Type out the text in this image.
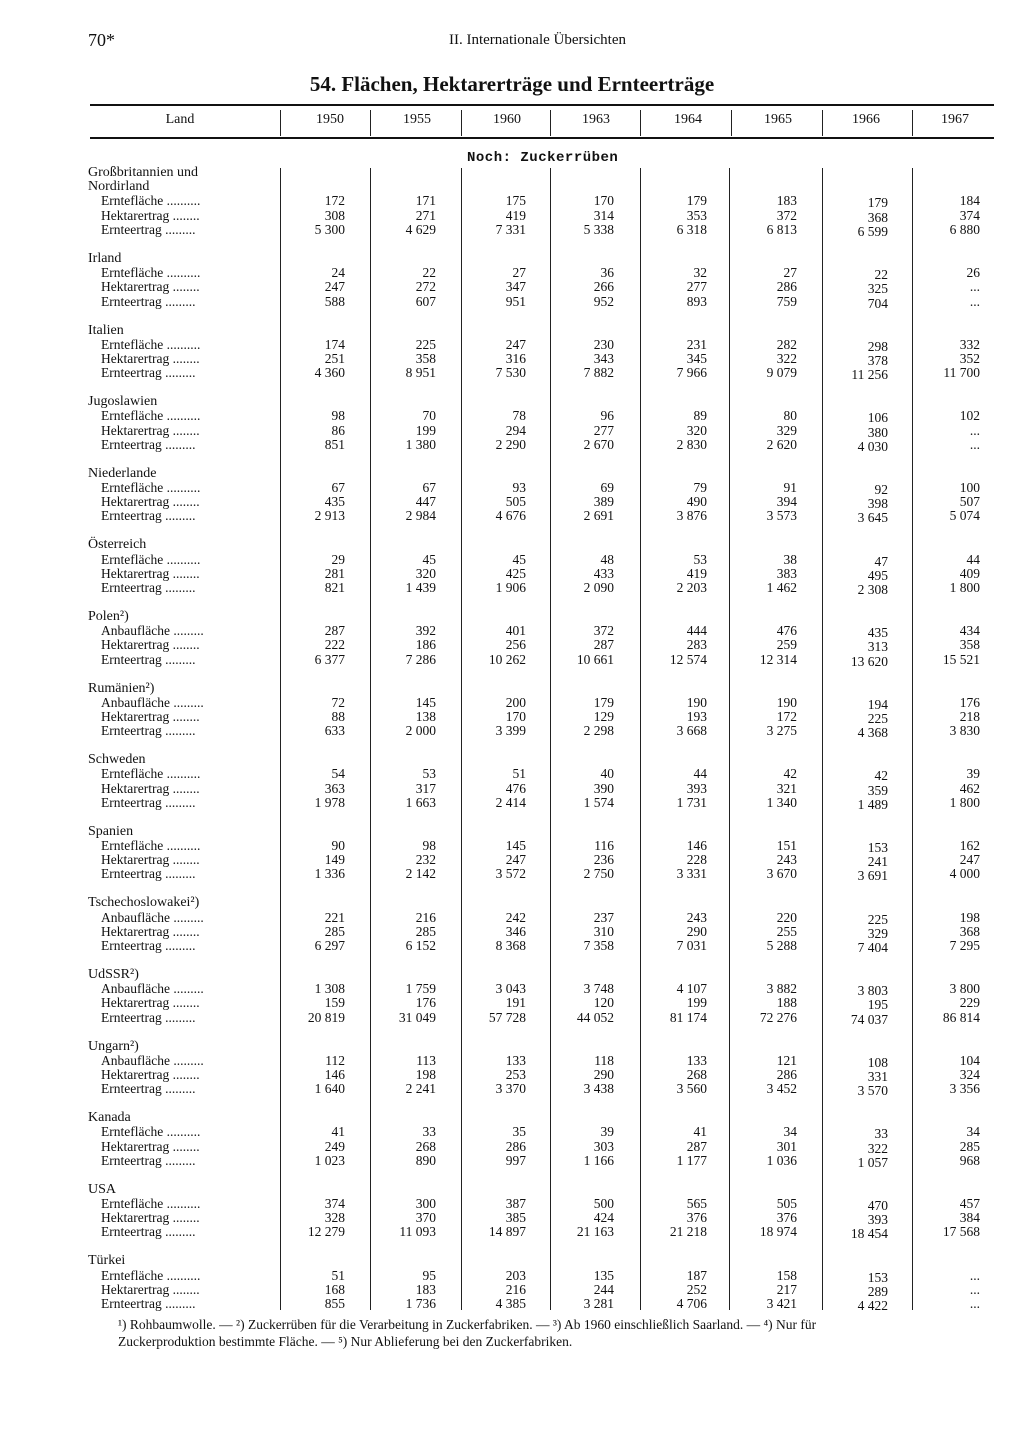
70*	II. Internationale Übersichten
54. Flächen, Hektarerträge und Ernteerträge
Land	1950	1955	1960	1963	1964	1965	1966	1967
Noch: Zuckerrüben
Großbritannien und
Nordirland
Erntefläche ..........	172	171	175	170	179	183	179	184
Hektarertrag ........	308	271	419	314	353	372	368	374
Ernteertrag .........	5 300	4 629	7 331	5 338	6 318	6 813	6 599	6 880
Irland
Erntefläche ..........	24	22	27	36	32	27	22	26
Hektarertrag ........	247	272	347	266	277	286	325	...
Ernteertrag .........	588	607	951	952	893	759	704	...
Italien
Erntefläche ..........	174	225	247	230	231	282	298	332
Hektarertrag ........	251	358	316	343	345	322	378	352
Ernteertrag .........	4 360	8 951	7 530	7 882	7 966	9 079	11 256	11 700
Jugoslawien
Erntefläche ..........	98	70	78	96	89	80	106	102
Hektarertrag ........	86	199	294	277	320	329	380	...
Ernteertrag .........	851	1 380	2 290	2 670	2 830	2 620	4 030	...
Niederlande
Erntefläche ..........	67	67	93	69	79	91	92	100
Hektarertrag ........	435	447	505	389	490	394	398	507
Ernteertrag .........	2 913	2 984	4 676	2 691	3 876	3 573	3 645	5 074
Österreich
Erntefläche ..........	29	45	45	48	53	38	47	44
Hektarertrag ........	281	320	425	433	419	383	495	409
Ernteertrag .........	821	1 439	1 906	2 090	2 203	1 462	2 308	1 800
Polen²)
Anbaufläche .........	287	392	401	372	444	476	435	434
Hektarertrag ........	222	186	256	287	283	259	313	358
Ernteertrag .........	6 377	7 286	10 262	10 661	12 574	12 314	13 620	15 521
Rumänien²)
Anbaufläche .........	72	145	200	179	190	190	194	176
Hektarertrag ........	88	138	170	129	193	172	225	218
Ernteertrag .........	633	2 000	3 399	2 298	3 668	3 275	4 368	3 830
Schweden
Erntefläche ..........	54	53	51	40	44	42	42	39
Hektarertrag ........	363	317	476	390	393	321	359	462
Ernteertrag .........	1 978	1 663	2 414	1 574	1 731	1 340	1 489	1 800
Spanien
Erntefläche ..........	90	98	145	116	146	151	153	162
Hektarertrag ........	149	232	247	236	228	243	241	247
Ernteertrag .........	1 336	2 142	3 572	2 750	3 331	3 670	3 691	4 000
Tschechoslowakei²)
Anbaufläche .........	221	216	242	237	243	220	225	198
Hektarertrag ........	285	285	346	310	290	255	329	368
Ernteertrag .........	6 297	6 152	8 368	7 358	7 031	5 288	7 404	7 295
UdSSR²)
Anbaufläche .........	1 308	1 759	3 043	3 748	4 107	3 882	3 803	3 800
Hektarertrag ........	159	176	191	120	199	188	195	229
Ernteertrag .........	20 819	31 049	57 728	44 052	81 174	72 276	74 037	86 814
Ungarn²)
Anbaufläche .........	112	113	133	118	133	121	108	104
Hektarertrag ........	146	198	253	290	268	286	331	324
Ernteertrag .........	1 640	2 241	3 370	3 438	3 560	3 452	3 570	3 356
Kanada
Erntefläche ..........	41	33	35	39	41	34	33	34
Hektarertrag ........	249	268	286	303	287	301	322	285
Ernteertrag .........	1 023	890	997	1 166	1 177	1 036	1 057	968
USA
Erntefläche ..........	374	300	387	500	565	505	470	457
Hektarertrag ........	328	370	385	424	376	376	393	384
Ernteertrag .........	12 279	11 093	14 897	21 163	21 218	18 974	18 454	17 568
Türkei
Erntefläche ..........	51	95	203	135	187	158	153	...
Hektarertrag ........	168	183	216	244	252	217	289	...
Ernteertrag .........	855	1 736	4 385	3 281	4 706	3 421	4 422	...
¹) Rohbaumwolle. — ²) Zuckerrüben für die Verarbeitung in Zuckerfabriken. — ³) Ab 1960 einschließlich Saarland. — ⁴) Nur für
Zuckerproduktion bestimmte Fläche. — ⁵) Nur Ablieferung bei den Zuckerfabriken.
